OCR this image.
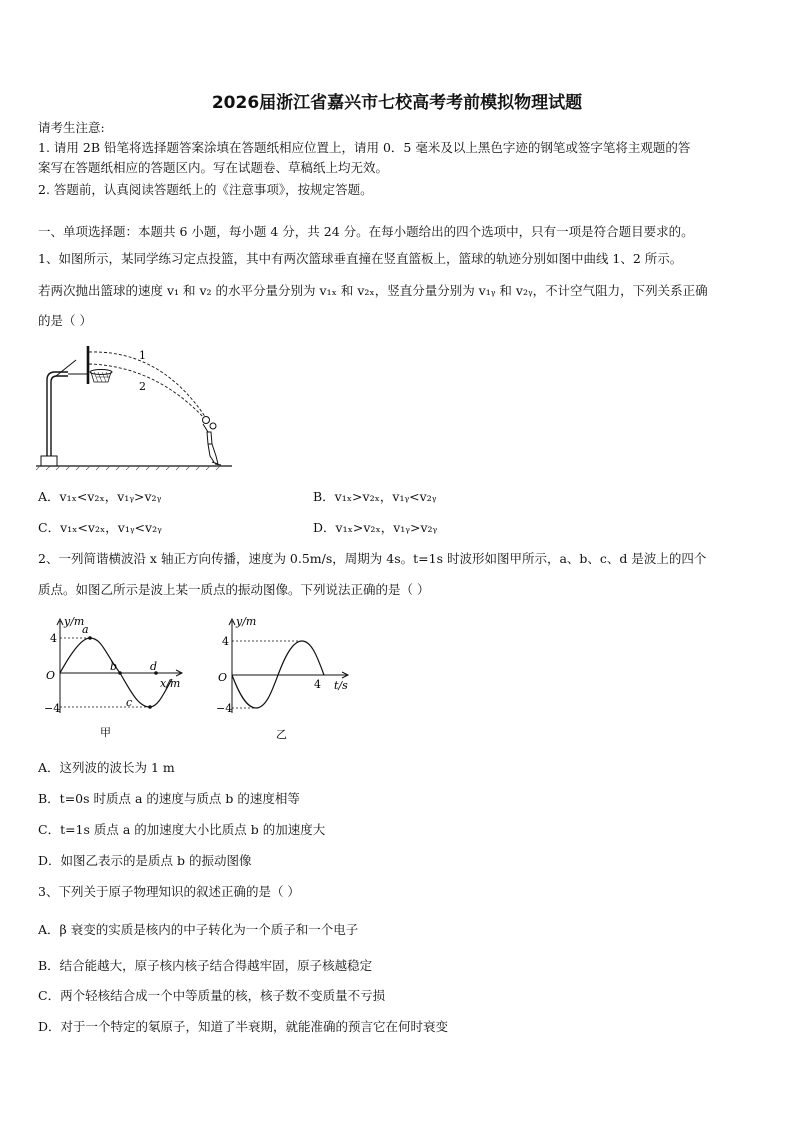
2026届浙江省嘉兴市七校高考考前模拟物理试题
请考生注意:
1. 请用 2B 铅笔将选择题答案涂填在答题纸相应位置上，请用 0．5 毫米及以上黑色字迹的钢笔或签字笔将主观题的答
案写在答题纸相应的答题区内。写在试题卷、草稿纸上均无效。
2. 答题前，认真阅读答题纸上的《注意事项》，按规定答题。
一、单项选择题：本题共 6 小题，每小题 4 分，共 24 分。在每小题给出的四个选项中，只有一项是符合题目要求的。
1、如图所示，某同学练习定点投篮，其中有两次篮球垂直撞在竖直篮板上，篮球的轨迹分别如图中曲线 1、2 所示。
若两次抛出篮球的速度 v₁ 和 v₂ 的水平分量分别为 v₁ₓ 和 v₂ₓ，竖直分量分别为 v₁ᵧ 和 v₂ᵧ，不计空气阻力，下列关系正确
的是（ ）
1
2
A．v₁ₓ<v₂ₓ，v₁ᵧ>v₂ᵧ	B．v₁ₓ>v₂ₓ，v₁ᵧ<v₂ᵧ
C．v₁ₓ<v₂ₓ，v₁ᵧ<v₂ᵧ	D．v₁ₓ>v₂ₓ，v₁ᵧ>v₂ᵧ
2、一列简谐横波沿 x 轴正方向传播，速度为 0.5m/s，周期为 4s。t=1s 时波形如图甲所示，a、b、c、d 是波上的四个
质点。如图乙所示是波上某一质点的振动图像。下列说法正确的是（ ）
y/m
x/m
O
4
−4
a
b
c
d
甲
y/m
t/s
O
4
−4
4
乙
A．这列波的波长为 1 m
B．t=0s 时质点 a 的速度与质点 b 的速度相等
C．t=1s 质点 a 的加速度大小比质点 b 的加速度大
D．如图乙表示的是质点 b 的振动图像
3、下列关于原子物理知识的叙述正确的是（ ）
A．β 衰变的实质是核内的中子转化为一个质子和一个电子
B．结合能越大，原子核内核子结合得越牢固，原子核越稳定
C．两个轻核结合成一个中等质量的核，核子数不变质量不亏损
D．对于一个特定的氡原子，知道了半衰期，就能准确的预言它在何时衰变
